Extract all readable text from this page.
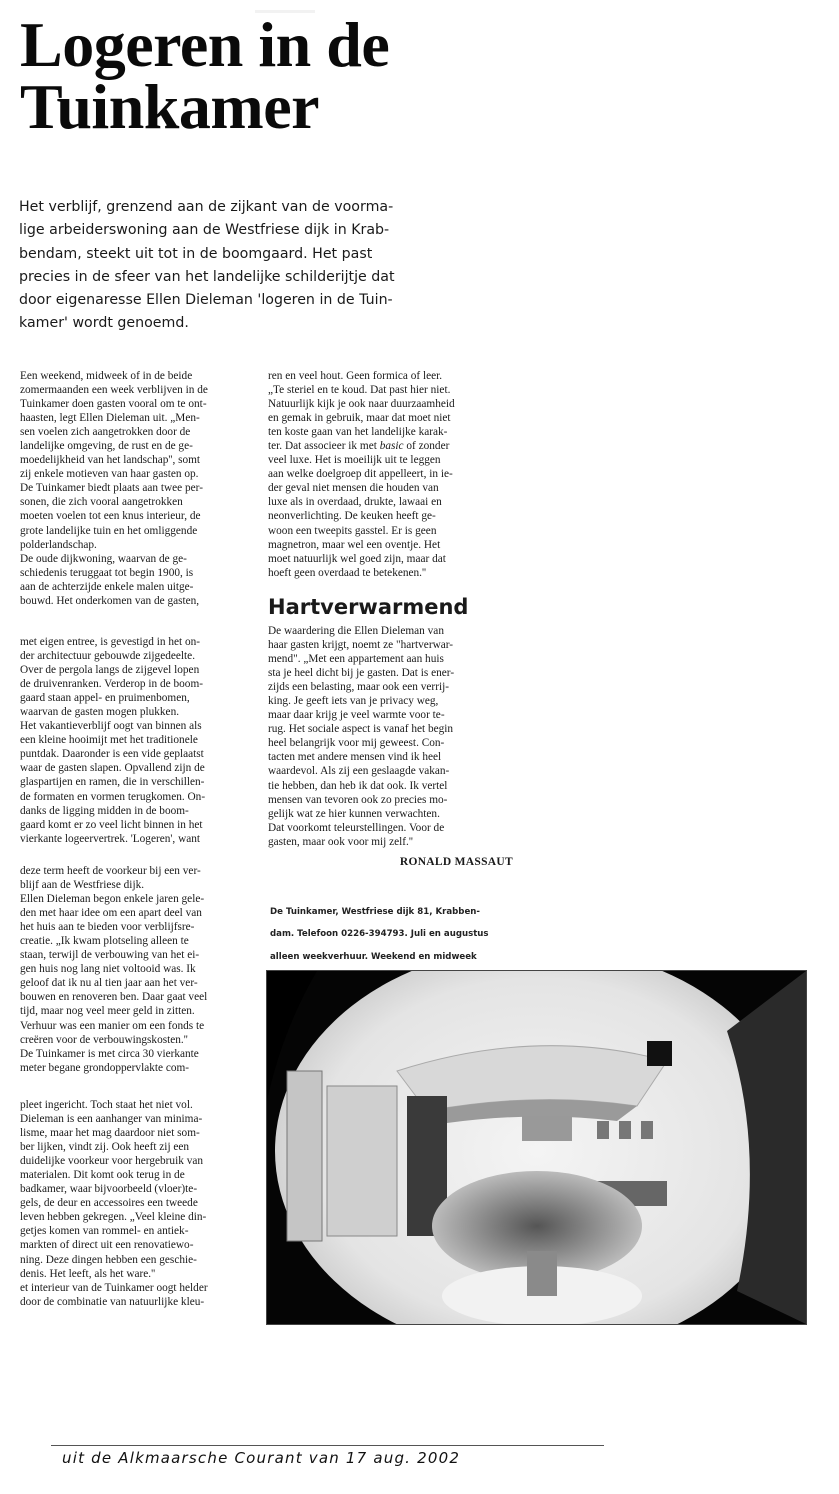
Logeren in de
Tuinkamer
Het verblijf, grenzend aan de zijkant van de voorma-
lige arbeiderswoning aan de Westfriese dijk in Krab-
bendam, steekt uit tot in de boomgaard. Het past
precies in de sfeer van het landelijke schilderijtje dat
door eigenaresse Ellen Dieleman 'logeren in de Tuin-
kamer' wordt genoemd.

Een weekend, midweek of in de beide

zomermaanden een week verblijven in de

Tuinkamer doen gasten vooral om te ont-

haasten, legt Ellen Dieleman uit. „Men-

sen voelen zich aangetrokken door de

landelijke omgeving, de rust en de ge-

moedelijkheid van het landschap'', somt

zij enkele motieven van haar gasten op.

De Tuinkamer biedt plaats aan twee per-

sonen, die zich vooral aangetrokken

moeten voelen tot een knus interieur, de

grote landelijke tuin en het omliggende

polderlandschap.

De oude dijkwoning, waarvan de ge-

schiedenis teruggaat tot begin 1900, is

aan de achterzijde enkele malen uitge-

bouwd. Het onderkomen van de gasten,

met eigen entree, is gevestigd in het on-

der architectuur gebouwde zijgedeelte.

Over de pergola langs de zijgevel lopen

de druivenranken. Verderop in de boom-

gaard staan appel- en pruimenbomen,

waarvan de gasten mogen plukken.

Het vakantieverblijf oogt van binnen als

een kleine hooimijt met het traditionele

puntdak. Daaronder is een vide geplaatst

waar de gasten slapen. Opvallend zijn de

glaspartijen en ramen, die in verschillen-

de formaten en vormen terugkomen. On-

danks de ligging midden in de boom-

gaard komt er zo veel licht binnen in het

vierkante logeervertrek. 'Logeren', want

deze term heeft de voorkeur bij een ver-

blijf aan de Westfriese dijk.

Ellen Dieleman begon enkele jaren gele-

den met haar idee om een apart deel van

het huis aan te bieden voor verblijfsre-

creatie. „Ik kwam plotseling alleen te

staan, terwijl de verbouwing van het ei-

gen huis nog lang niet voltooid was. Ik

geloof dat ik nu al tien jaar aan het ver-

bouwen en renoveren ben. Daar gaat veel

tijd, maar nog veel meer geld in zitten.

Verhuur was een manier om een fonds te

creëren voor de verbouwingskosten.''

De Tuinkamer is met circa 30 vierkante

meter begane grondoppervlakte com-

pleet ingericht. Toch staat het niet vol.

Dieleman is een aanhanger van minima-

lisme, maar het mag daardoor niet som-

ber lijken, vindt zij. Ook heeft zij een

duidelijke voorkeur voor hergebruik van

materialen. Dit komt ook terug in de

badkamer, waar bijvoorbeeld (vloer)te-

gels, de deur en accessoires een tweede

leven hebben gekregen. „Veel kleine din-

getjes komen van rommel- en antiek-

markten of direct uit een renovatiewo-

ning. Deze dingen hebben een geschie-

denis. Het leeft, als het ware.''

et interieur van de Tuinkamer oogt helder

door de combinatie van natuurlijke kleu-

ren en veel hout. Geen formica of leer.

„Te steriel en te koud. Dat past hier niet.

Natuurlijk kijk je ook naar duurzaamheid

en gemak in gebruik, maar dat moet niet

ten koste gaan van het landelijke karak-

ter. Dat associeer ik met basic of zonder

veel luxe. Het is moeilijk uit te leggen

aan welke doelgroep dit appelleert, in ie-

der geval niet mensen die houden van

luxe als in overdaad, drukte, lawaai en

neonverlichting. De keuken heeft ge-

woon een tweepits gasstel. Er is geen

magnetron, maar wel een oventje. Het

moet natuurlijk wel goed zijn, maar dat

hoeft geen overdaad te betekenen.''

Hartverwarmend

De waardering die Ellen Dieleman van

haar gasten krijgt, noemt ze "hartverwar-

mend". „Met een appartement aan huis

sta je heel dicht bij je gasten. Dat is ener-

zijds een belasting, maar ook een verrij-

king. Je geeft iets van je privacy weg,

maar daar krijg je veel warmte voor te-

rug. Het sociale aspect is vanaf het begin

heel belangrijk voor mij geweest. Con-

tacten met andere mensen vind ik heel

waardevol. Als zij een geslaagde vakan-

tie hebben, dan heb ik dat ook. Ik vertel

mensen van tevoren ook zo precies mo-

gelijk wat ze hier kunnen verwachten.

Dat voorkomt teleurstellingen. Voor de

gasten, maar ook voor mij zelf.''

RONALD MASSAUT

De Tuinkamer, Westfriese dijk 81, Krabben-

dam. Telefoon 0226-394793. Juli en augustus

alleen weekverhuur. Weekend en midweek

uit de Alkmaarsche Courant van 17 aug. 2002
